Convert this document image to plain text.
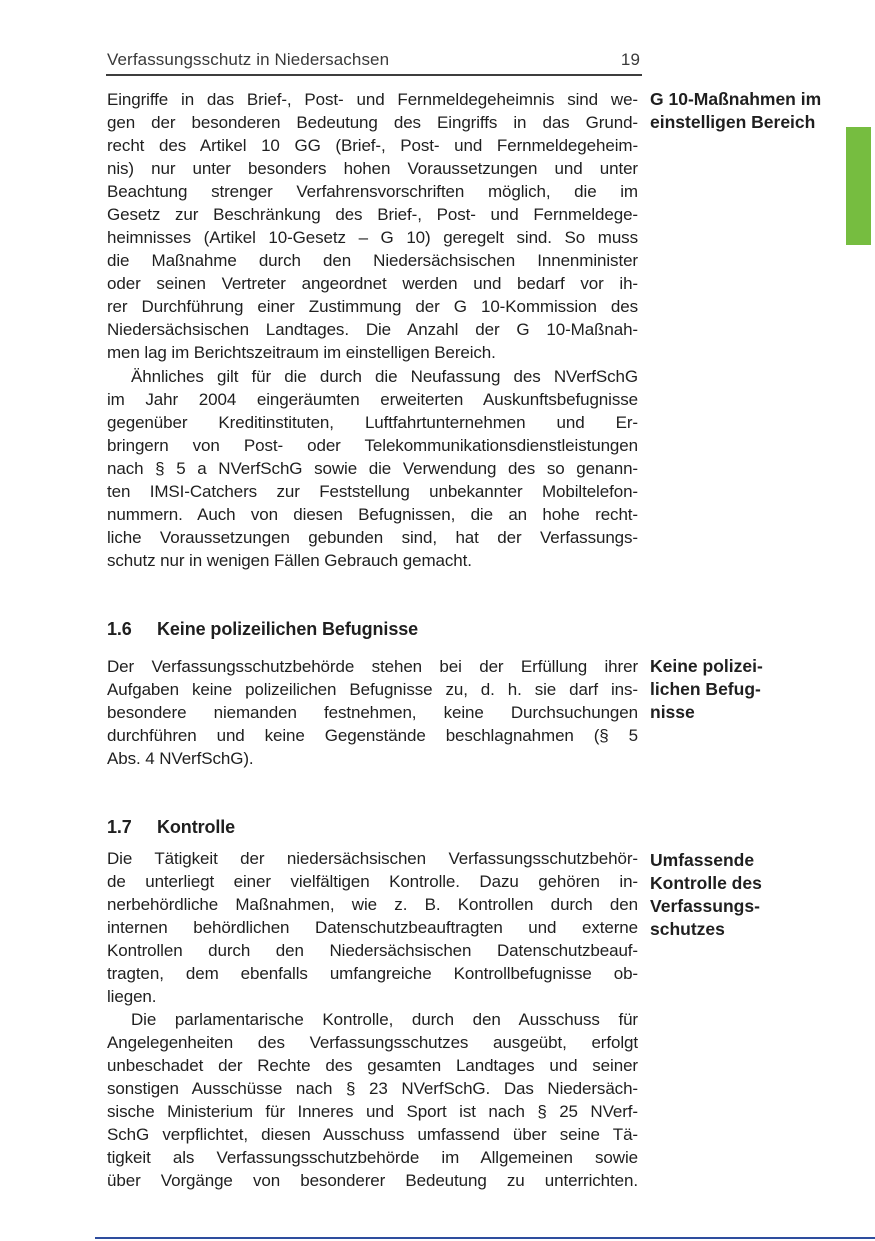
Verfassungsschutz in Niedersachsen	19
Eingriffe in das Brief-, Post- und Fernmeldegeheimnis sind we-
gen der besonderen Bedeutung des Eingriffs in das Grund-
recht des Artikel 10 GG (Brief-, Post- und Fernmeldegeheim-
nis) nur unter besonders hohen Voraussetzungen und unter
Beachtung strenger Verfahrensvorschriften möglich, die im
Gesetz zur Beschränkung des Brief-, Post- und Fernmeldege-
heimnisses (Artikel 10-Gesetz – G 10) geregelt sind. So muss
die Maßnahme durch den Niedersächsischen Innenminister
oder seinen Vertreter angeordnet werden und bedarf vor ih-
rer Durchführung einer Zustimmung der G 10-Kommission des
Niedersächsischen Landtages. Die Anzahl der G 10-Maßnah-
men lag im Berichtszeitraum im einstelligen Bereich.
Ähnliches gilt für die durch die Neufassung des NVerfSchG
im Jahr 2004 eingeräumten erweiterten Auskunftsbefugnisse
gegenüber Kreditinstituten, Luftfahrtunternehmen und Er-
bringern von Post- oder Telekommunikationsdienstleistungen
nach § 5 a NVerfSchG sowie die Verwendung des so genann-
ten IMSI-Catchers zur Feststellung unbekannter Mobiltelefon-
nummern. Auch von diesen Befugnissen, die an hohe recht-
liche Voraussetzungen gebunden sind, hat der Verfassungs-
schutz nur in wenigen Fällen Gebrauch gemacht.
1.6 Keine polizeilichen Befugnisse
Der Verfassungsschutzbehörde stehen bei der Erfüllung ihrer
Aufgaben keine polizeilichen Befugnisse zu, d. h. sie darf ins-
besondere niemanden festnehmen, keine Durchsuchungen
durchführen und keine Gegenstände beschlagnahmen (§ 5
Abs. 4 NVerfSchG).
1.7 Kontrolle
Die Tätigkeit der niedersächsischen Verfassungsschutzbehör-
de unterliegt einer vielfältigen Kontrolle. Dazu gehören in-
nerbehördliche Maßnahmen, wie z. B. Kontrollen durch den
internen behördlichen Datenschutzbeauftragten und externe
Kontrollen durch den Niedersächsischen Datenschutzbeauf-
tragten, dem ebenfalls umfangreiche Kontrollbefugnisse ob-
liegen.
Die parlamentarische Kontrolle, durch den Ausschuss für
Angelegenheiten des Verfassungsschutzes ausgeübt, erfolgt
unbeschadet der Rechte des gesamten Landtages und seiner
sonstigen Ausschüsse nach § 23 NVerfSchG. Das Niedersäch-
sische Ministerium für Inneres und Sport ist nach § 25 NVerf-
SchG verpflichtet, diesen Ausschuss umfassend über seine Tä-
tigkeit als Verfassungsschutzbehörde im Allgemeinen sowie
über Vorgänge von besonderer Bedeutung zu unterrichten.
G 10-Maßnahmen im
einstelligen Bereich
Keine polizei-
lichen Befug-
nisse
Umfassende
Kontrolle des
Verfassungs-
schutzes
